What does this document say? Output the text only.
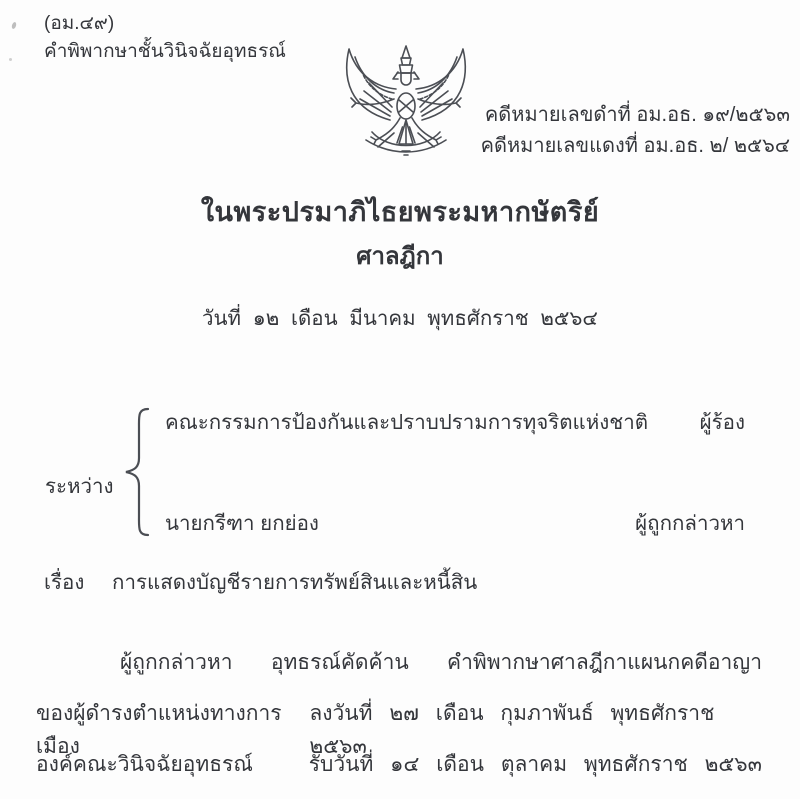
(อม.๔๙)
คำพิพากษาชั้นวินิจฉัยอุทธรณ์
คดีหมายเลขดำที่ อม.อธ. ๑๙/๒๕๖๓
คดีหมายเลขแดงที่ อม.อธ. ๒/ ๒๕๖๔
ในพระปรมาภิไธยพระมหากษัตริย์
ศาลฎีกา
วันที่ ๑๒ เดือน มีนาคม พุทธศักราช ๒๕๖๔
ระหว่าง
คณะกรรมการป้องกันและปราบปรามการทุจริตแห่งชาติ	ผู้ร้อง
นายกรีฑา ยกย่อง	ผู้ถูกกล่าวหา
เรื่อง การแสดงบัญชีรายการทรัพย์สินและหนี้สิน
ผู้ถูกกล่าวหา อุทธรณ์คัดค้าน คำพิพากษาศาลฎีกาแผนกคดีอาญา
ของผู้ดำรงตำแหน่งทางการเมือง
ลงวันที่ ๒๗ เดือน กุมภาพันธ์ พุทธศักราช ๒๕๖๓
องค์คณะวินิจฉัยอุทธรณ์	รับวันที่ ๑๔ เดือน ตุลาคม พุทธศักราช ๒๕๖๓
